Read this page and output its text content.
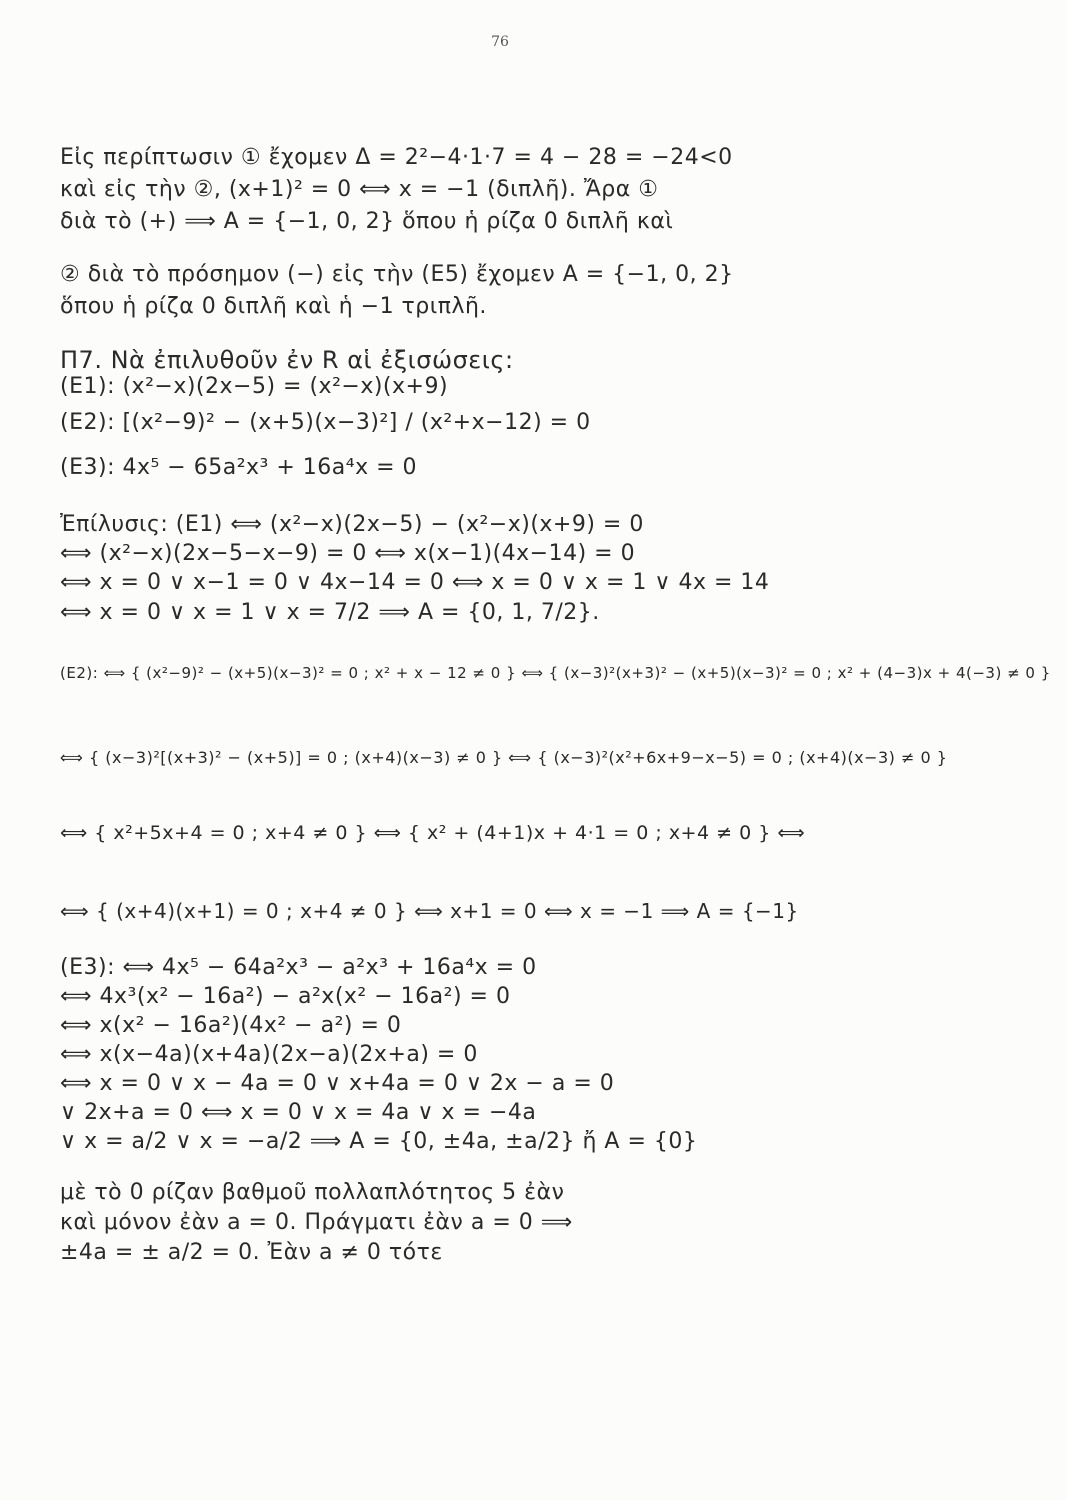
76
Εἰς περίπτωσιν ① ἔχομεν Δ = 2²−4·1·7 = 4 − 28 = −24<0
καὶ εἰς τὴν ②, (x+1)² = 0 ⟺ x = −1 (διπλῆ). Ἄρα ①
διὰ τὸ (+) ⟹ A = {−1, 0, 2} ὅπου ἡ ρίζα 0 διπλῆ καὶ
② διὰ τὸ πρόσημον (−) εἰς τὴν (Ε5) ἔχομεν A = {−1, 0, 2}
ὅπου ἡ ρίζα 0 διπλῆ καὶ ἡ −1 τριπλῆ.
Π7. Νὰ ἐπιλυθοῦν ἐν R αἱ ἐξισώσεις:
(Ε1): (x²−x)(2x−5) = (x²−x)(x+9)
(Ε2): [(x²−9)² − (x+5)(x−3)²] / (x²+x−12) = 0
(Ε3): 4x⁵ − 65a²x³ + 16a⁴x = 0
Ἐπίλυσις: (Ε1) ⟺ (x²−x)(2x−5) − (x²−x)(x+9) = 0
⟺ (x²−x)(2x−5−x−9) = 0 ⟺ x(x−1)(4x−14) = 0
⟺ x = 0 ∨ x−1 = 0 ∨ 4x−14 = 0 ⟺ x = 0 ∨ x = 1 ∨ 4x = 14
⟺ x = 0 ∨ x = 1 ∨ x = 7/2 ⟹ A = {0, 1, 7/2}.
(Ε2): ⟺ { (x²−9)² − (x+5)(x−3)² = 0 ; x² + x − 12 ≠ 0 } ⟺ { (x−3)²(x+3)² − (x+5)(x−3)² = 0 ; x² + (4−3)x + 4(−3) ≠ 0 }
⟺ { (x−3)²[(x+3)² − (x+5)] = 0 ; (x+4)(x−3) ≠ 0 } ⟺ { (x−3)²(x²+6x+9−x−5) = 0 ; (x+4)(x−3) ≠ 0 }
⟺ { x²+5x+4 = 0 ; x+4 ≠ 0 } ⟺ { x² + (4+1)x + 4·1 = 0 ; x+4 ≠ 0 } ⟺
⟺ { (x+4)(x+1) = 0 ; x+4 ≠ 0 } ⟺ x+1 = 0 ⟺ x = −1 ⟹ A = {−1}
(Ε3): ⟺ 4x⁵ − 64a²x³ − a²x³ + 16a⁴x = 0
⟺ 4x³(x² − 16a²) − a²x(x² − 16a²) = 0
⟺ x(x² − 16a²)(4x² − a²) = 0
⟺ x(x−4a)(x+4a)(2x−a)(2x+a) = 0
⟺ x = 0 ∨ x − 4a = 0 ∨ x+4a = 0 ∨ 2x − a = 0
∨ 2x+a = 0 ⟺ x = 0 ∨ x = 4a ∨ x = −4a
∨ x = a/2 ∨ x = −a/2 ⟹ A = {0, ±4a, ±a/2} ἤ A = {0}
μὲ τὸ 0 ρίζαν βαθμοῦ πολλαπλότητος 5 ἐὰν
καὶ μόνον ἐὰν a = 0. Πράγματι ἐὰν a = 0 ⟹
±4a = ± a/2 = 0. Ἐὰν a ≠ 0 τότε
